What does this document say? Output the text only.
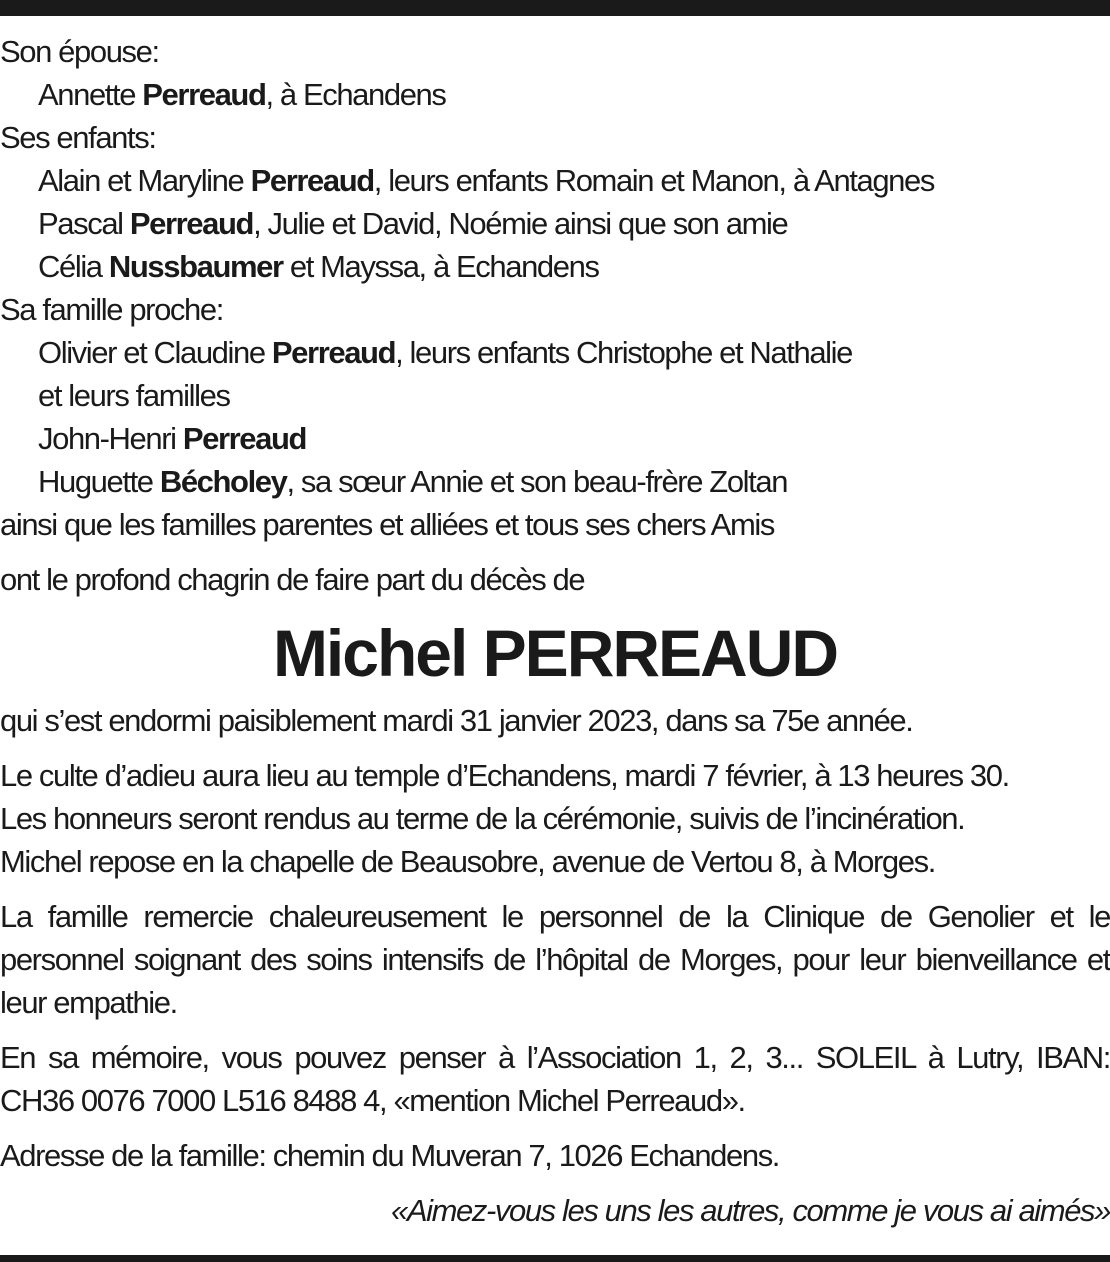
Son épouse:

Annette Perreaud, à Echandens

Ses enfants:

Alain et Maryline Perreaud, leurs enfants Romain et Manon, à Antagnes

Pascal Perreaud, Julie et David, Noémie ainsi que son amie

Célia Nussbaumer et Mayssa, à Echandens

Sa famille proche:

Olivier et Claudine Perreaud, leurs enfants Christophe et Nathalie

et leurs familles

John-Henri Perreaud

Huguette Bécholey, sa sœur Annie et son beau-frère Zoltan

ainsi que les familles parentes et alliées et tous ses chers Amis

ont le profond chagrin de faire part du décès de

Michel PERREAUD

qui s’est endormi paisiblement mardi 31 janvier 2023, dans sa 75e année.

Le culte d’adieu aura lieu au temple d’Echandens, mardi 7 février, à 13 heures 30.

Les honneurs seront rendus au terme de la cérémonie, suivis de l’incinération.

Michel repose en la chapelle de Beausobre, avenue de Vertou 8, à Morges.

La famille remercie chaleureusement le personnel de la Clinique de Genolier et le personnel soignant des soins intensifs de l’hôpital de Morges, pour leur bienveillance et leur empathie.

En sa mémoire, vous pouvez penser à l’Association 1, 2, 3... SOLEIL à Lutry, IBAN: CH36 0076 7000 L516 8488 4, «mention Michel Perreaud».

Adresse de la famille: chemin du Muveran 7, 1026 Echandens.

«Aimez-vous les uns les autres, comme je vous ai aimés»
